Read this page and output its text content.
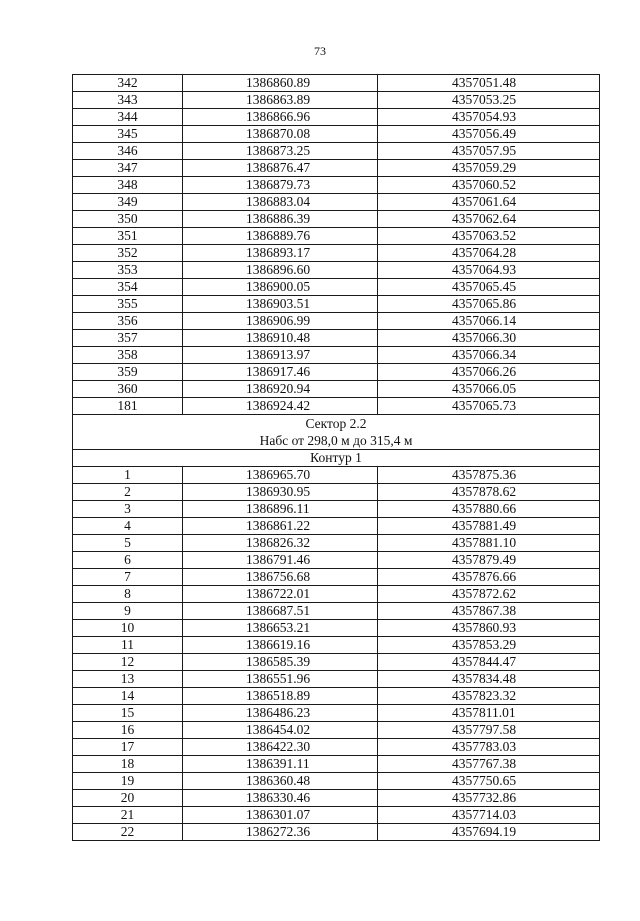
73
342	1386860.89	4357051.48
343	1386863.89	4357053.25
344	1386866.96	4357054.93
345	1386870.08	4357056.49
346	1386873.25	4357057.95
347	1386876.47	4357059.29
348	1386879.73	4357060.52
349	1386883.04	4357061.64
350	1386886.39	4357062.64
351	1386889.76	4357063.52
352	1386893.17	4357064.28
353	1386896.60	4357064.93
354	1386900.05	4357065.45
355	1386903.51	4357065.86
356	1386906.99	4357066.14
357	1386910.48	4357066.30
358	1386913.97	4357066.34
359	1386917.46	4357066.26
360	1386920.94	4357066.05
181	1386924.42	4357065.73

Сектор 2.2
Набс от 298,0 м до 315,4 м		

Контур 1		
1	1386965.70	4357875.36
2	1386930.95	4357878.62
3	1386896.11	4357880.66
4	1386861.22	4357881.49
5	1386826.32	4357881.10
6	1386791.46	4357879.49
7	1386756.68	4357876.66
8	1386722.01	4357872.62
9	1386687.51	4357867.38
10	1386653.21	4357860.93
11	1386619.16	4357853.29
12	1386585.39	4357844.47
13	1386551.96	4357834.48
14	1386518.89	4357823.32
15	1386486.23	4357811.01
16	1386454.02	4357797.58
17	1386422.30	4357783.03
18	1386391.11	4357767.38
19	1386360.48	4357750.65
20	1386330.46	4357732.86
21	1386301.07	4357714.03
22	1386272.36	4357694.19
